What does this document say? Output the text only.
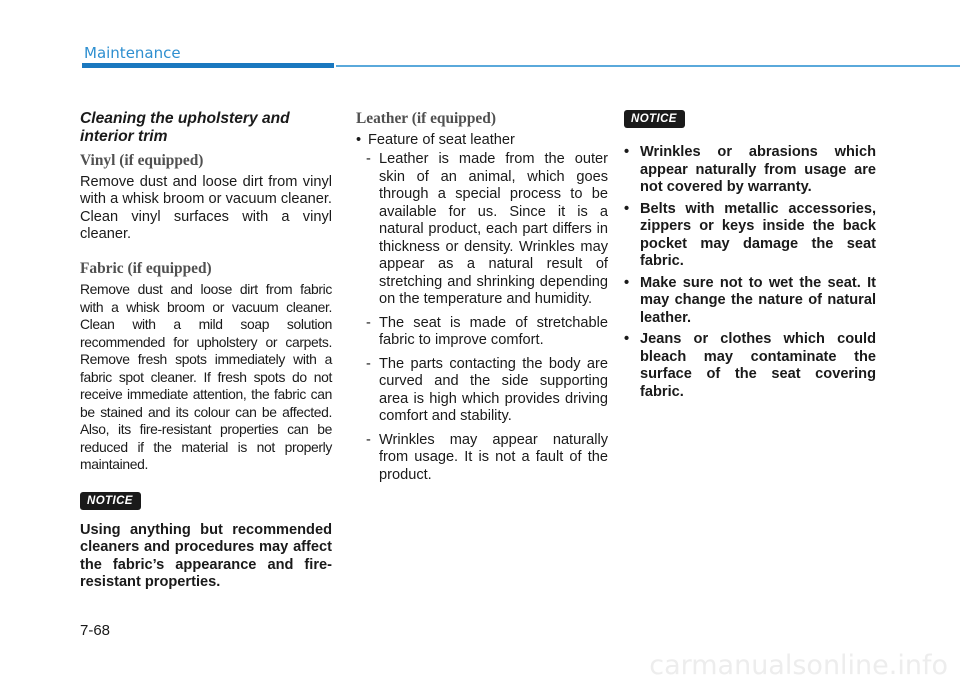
Maintenance

Cleaning the upholstery and interior trim

Vinyl (if equipped)

Remove dust and loose dirt from vinyl with a whisk broom or vacuum cleaner. Clean vinyl surfaces with a vinyl cleaner.

Fabric (if equipped)

Remove dust and loose dirt from fabric with a whisk broom or vacuum cleaner. Clean with a mild soap solution recommended for upholstery or carpets. Remove fresh spots immediately with a fabric spot cleaner. If fresh spots do not receive immediate attention, the fabric can be stained and its colour can be affected. Also, its fire-resistant properties can be reduced if the material is not properly maintained.

NOTICE

Using anything but recommended cleaners and procedures may affect the fabric’s appearance and fire-resistant properties.

Leather (if equipped)
• Feature of seat leather
- Leather is made from the outer skin of an animal, which goes through a special process to be available for us. Since it is a natural product, each part differs in thickness or density. Wrinkles may appear as a natural result of stretching and shrinking depending on the temperature and humidity.
- The seat is made of stretchable fabric to improve comfort.
- The parts contacting the body are curved and the side supporting area is high which provides driving comfort and stability.
- Wrinkles may appear naturally from usage. It is not a fault of the product.
NOTICE
• Wrinkles or abrasions which appear naturally from usage are not covered by warranty.
• Belts with metallic accessories, zippers or keys inside the back pocket may damage the seat fabric.
• Make sure not to wet the seat. It may change the nature of natural leather.
• Jeans or clothes which could bleach may contaminate the surface of the seat covering fabric.
7-68
carmanualsonline.info
